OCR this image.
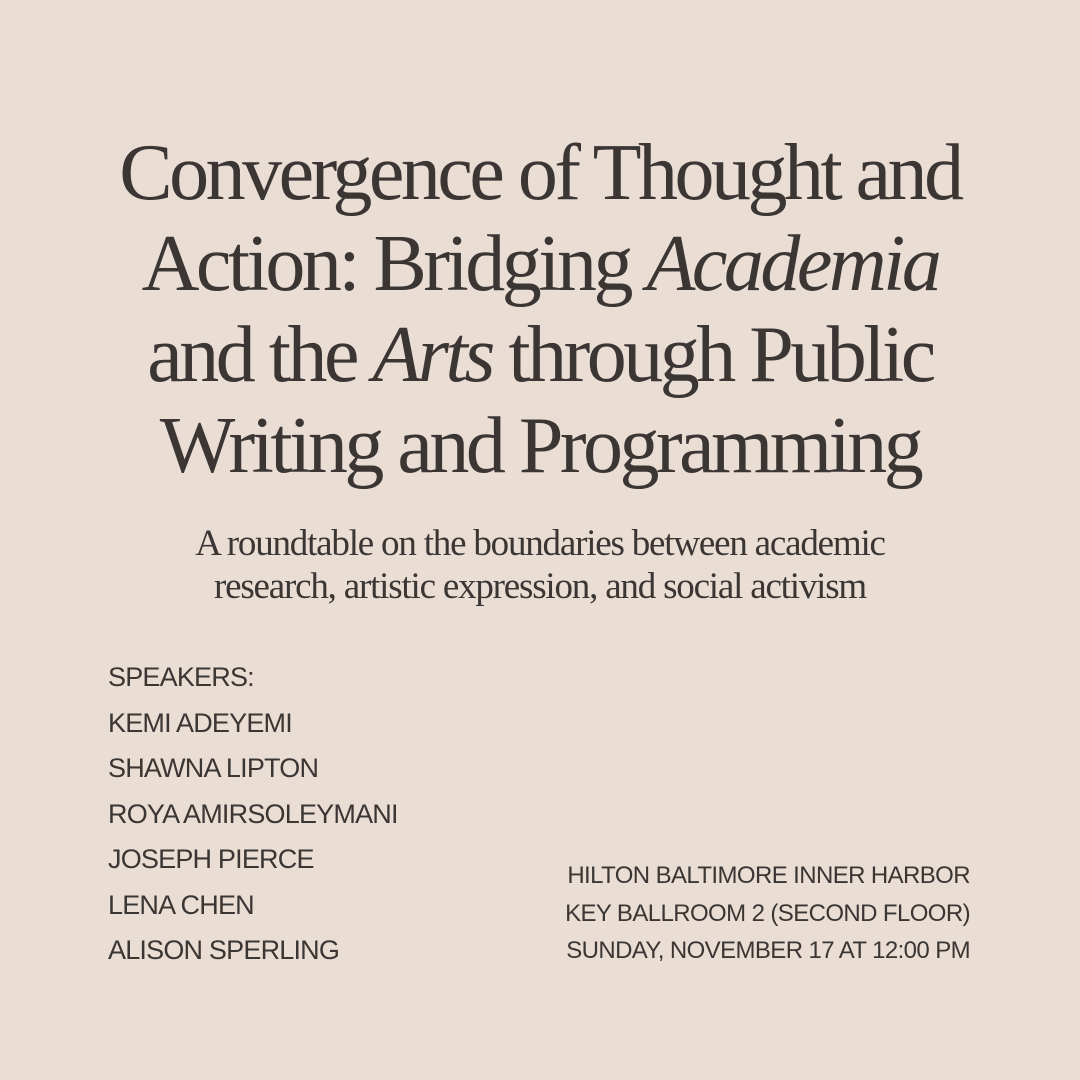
Convergence of Thought and
Action: Bridging Academia
and the Arts through Public
Writing and Programming

A roundtable on the boundaries between academic
research, artistic expression, and social activism

SPEAKERS:
KEMI ADEYEMI
SHAWNA LIPTON
ROYA AMIRSOLEYMANI
JOSEPH PIERCE
LENA CHEN
ALISON SPERLING
HILTON BALTIMORE INNER HARBOR
KEY BALLROOM 2 (SECOND FLOOR)
SUNDAY, NOVEMBER 17 AT 12:00 PM
